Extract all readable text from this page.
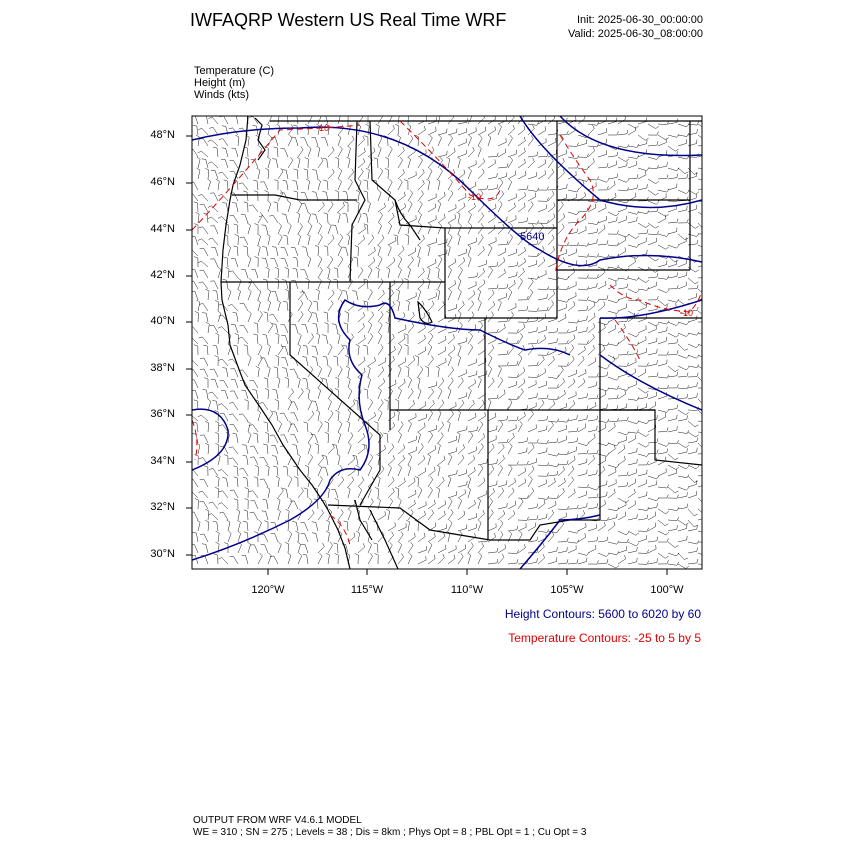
IWFAQRP Western US Real Time WRF	Init: 2025-06-30_00:00:00
Valid: 2025-06-30_08:00:00
Temperature (C)
Height (m)
Winds (kts)
5640
-10
-10
-10
48°N
46°N
44°N
42°N
40°N
38°N
36°N
34°N
32°N
30°N
120°W	115°W	110°W	105°W	100°W
Height Contours: 5600 to 6020 by 60
Temperature Contours: -25 to 5 by 5
OUTPUT FROM WRF V4.6.1 MODEL
WE = 310 ; SN = 275 ; Levels = 38 ; Dis = 8km ; Phys Opt = 8 ; PBL Opt = 1 ; Cu Opt = 3
